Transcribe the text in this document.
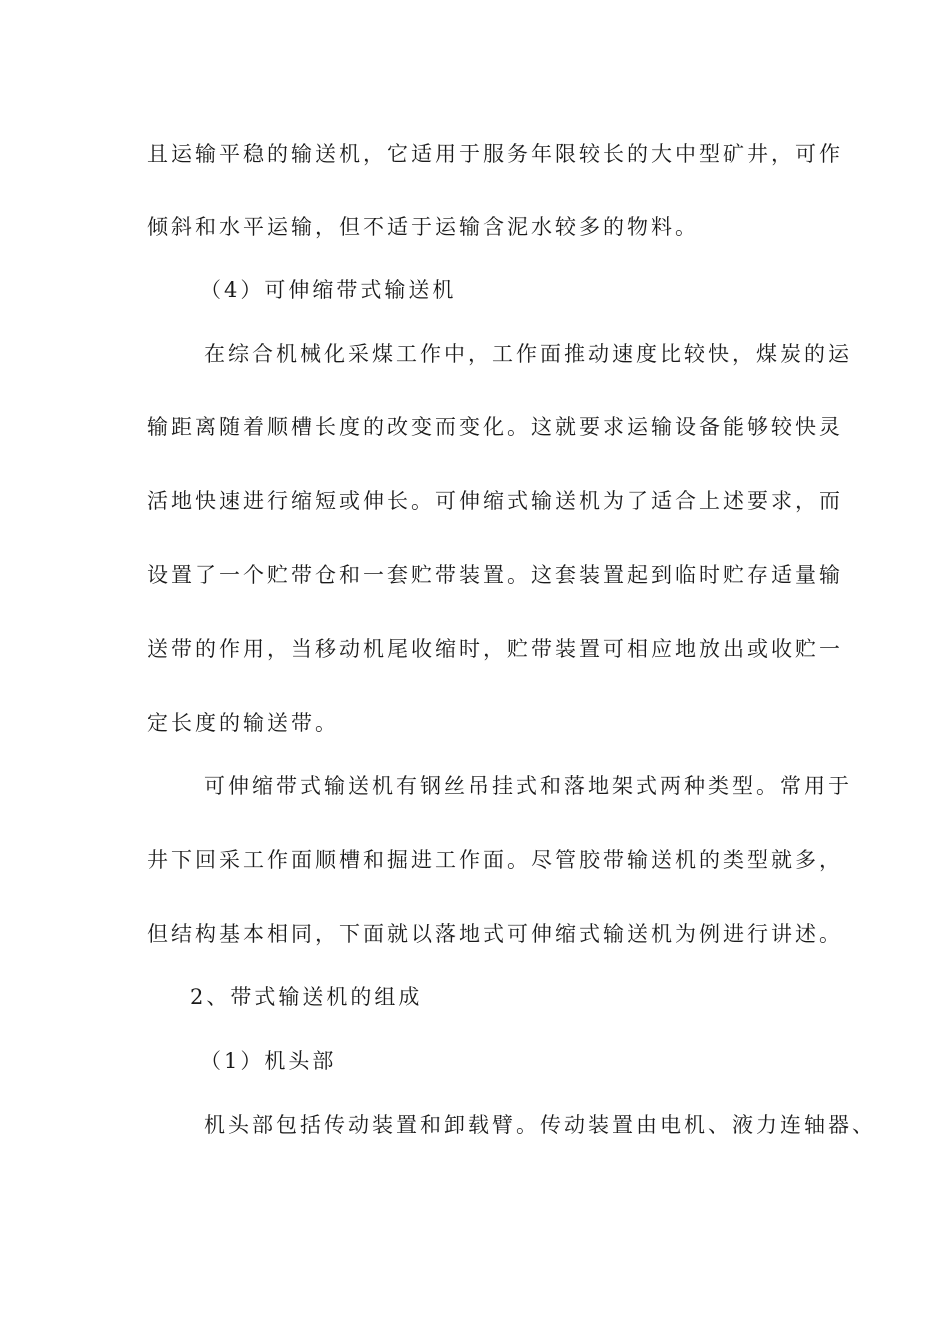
且运输平稳的输送机，它适用于服务年限较长的大中型矿井，可作
倾斜和水平运输，但不适于运输含泥水较多的物料。
（4）可伸缩带式输送机
在综合机械化采煤工作中，工作面推动速度比较快，煤炭的运
输距离随着顺槽长度的改变而变化。这就要求运输设备能够较快灵
活地快速进行缩短或伸长。可伸缩式输送机为了适合上述要求，而
设置了一个贮带仓和一套贮带装置。这套装置起到临时贮存适量输
送带的作用，当移动机尾收缩时，贮带装置可相应地放出或收贮一
定长度的输送带。
可伸缩带式输送机有钢丝吊挂式和落地架式两种类型。常用于
井下回采工作面顺槽和掘进工作面。尽管胶带输送机的类型就多，
但结构基本相同，下面就以落地式可伸缩式输送机为例进行讲述。
2、带式输送机的组成
（1）机头部
机头部包括传动装置和卸载臂。传动装置由电机、液力连轴器、
